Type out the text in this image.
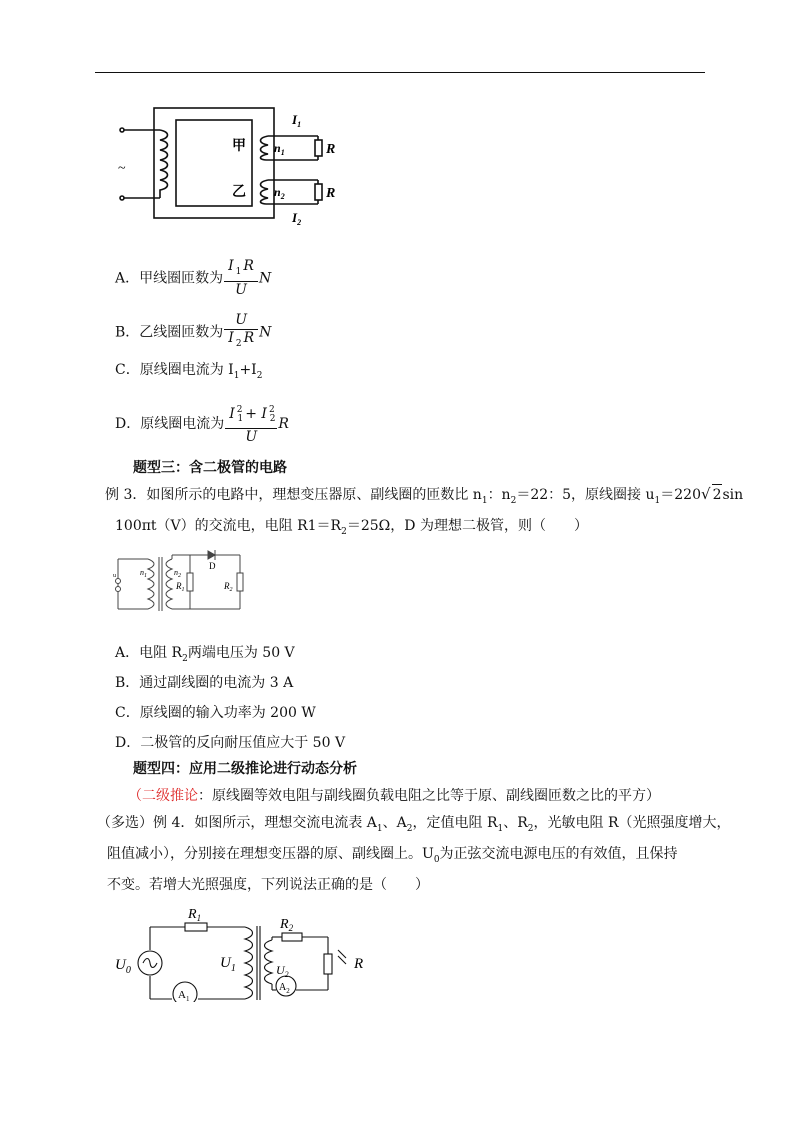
甲
乙
~
$n_1$
$n_2$
$I_1$
$I_2$
R
R
A．甲线圈匝数为 $\frac{I _1 R}{U}$ N
B．乙线圈匝数为 $\frac{U}{I _2 R}$ N
C．原线圈电流为 $I_1+I_2$
D．原线圈电流为 $\frac{I ^2_1 + I ^2_2}{U}$ R
题型三：含二极管的电路
例 3．如图所示的电路中，理想变压器原、副线圈的匝数比 $n_1$：$n_2=22$：5，原线圈接 $u_1=220√$ 2sin
100πt（V）的交流电，电阻 $R1=R_2=25\Omega$，D 为理想二极管，则（　　）
$n_1$	$n_2$
$R_1$	$R_2$
D
u
A．电阻 $R_2$两端电压为 50 V
B．通过副线圈的电流为 3 A
C．原线圈的输入功率为 200 W
D．二极管的反向耐压值应大于 50 V
题型四：应用二级推论进行动态分析
（二级推论：原线圈等效电阻与副线圈负载电阻之比等于原、副线圈匝数之比的平方）
（多选）例 4．如图所示，理想交流电流表 $A_1$、$A_2$，定值电阻 $R_1$、$R_2$，光敏电阻 R（光照强度增大，
阻值减小），分别接在理想变压器的原、副线圈上。$U_0$为正弦交流电源电压的有效值，且保持
不变。若增大光照强度，下列说法正确的是（　　）
$U_0$	$U_1$	$U_2$
$R_1$	$R_2$
R
$A_1$
$A_2$
